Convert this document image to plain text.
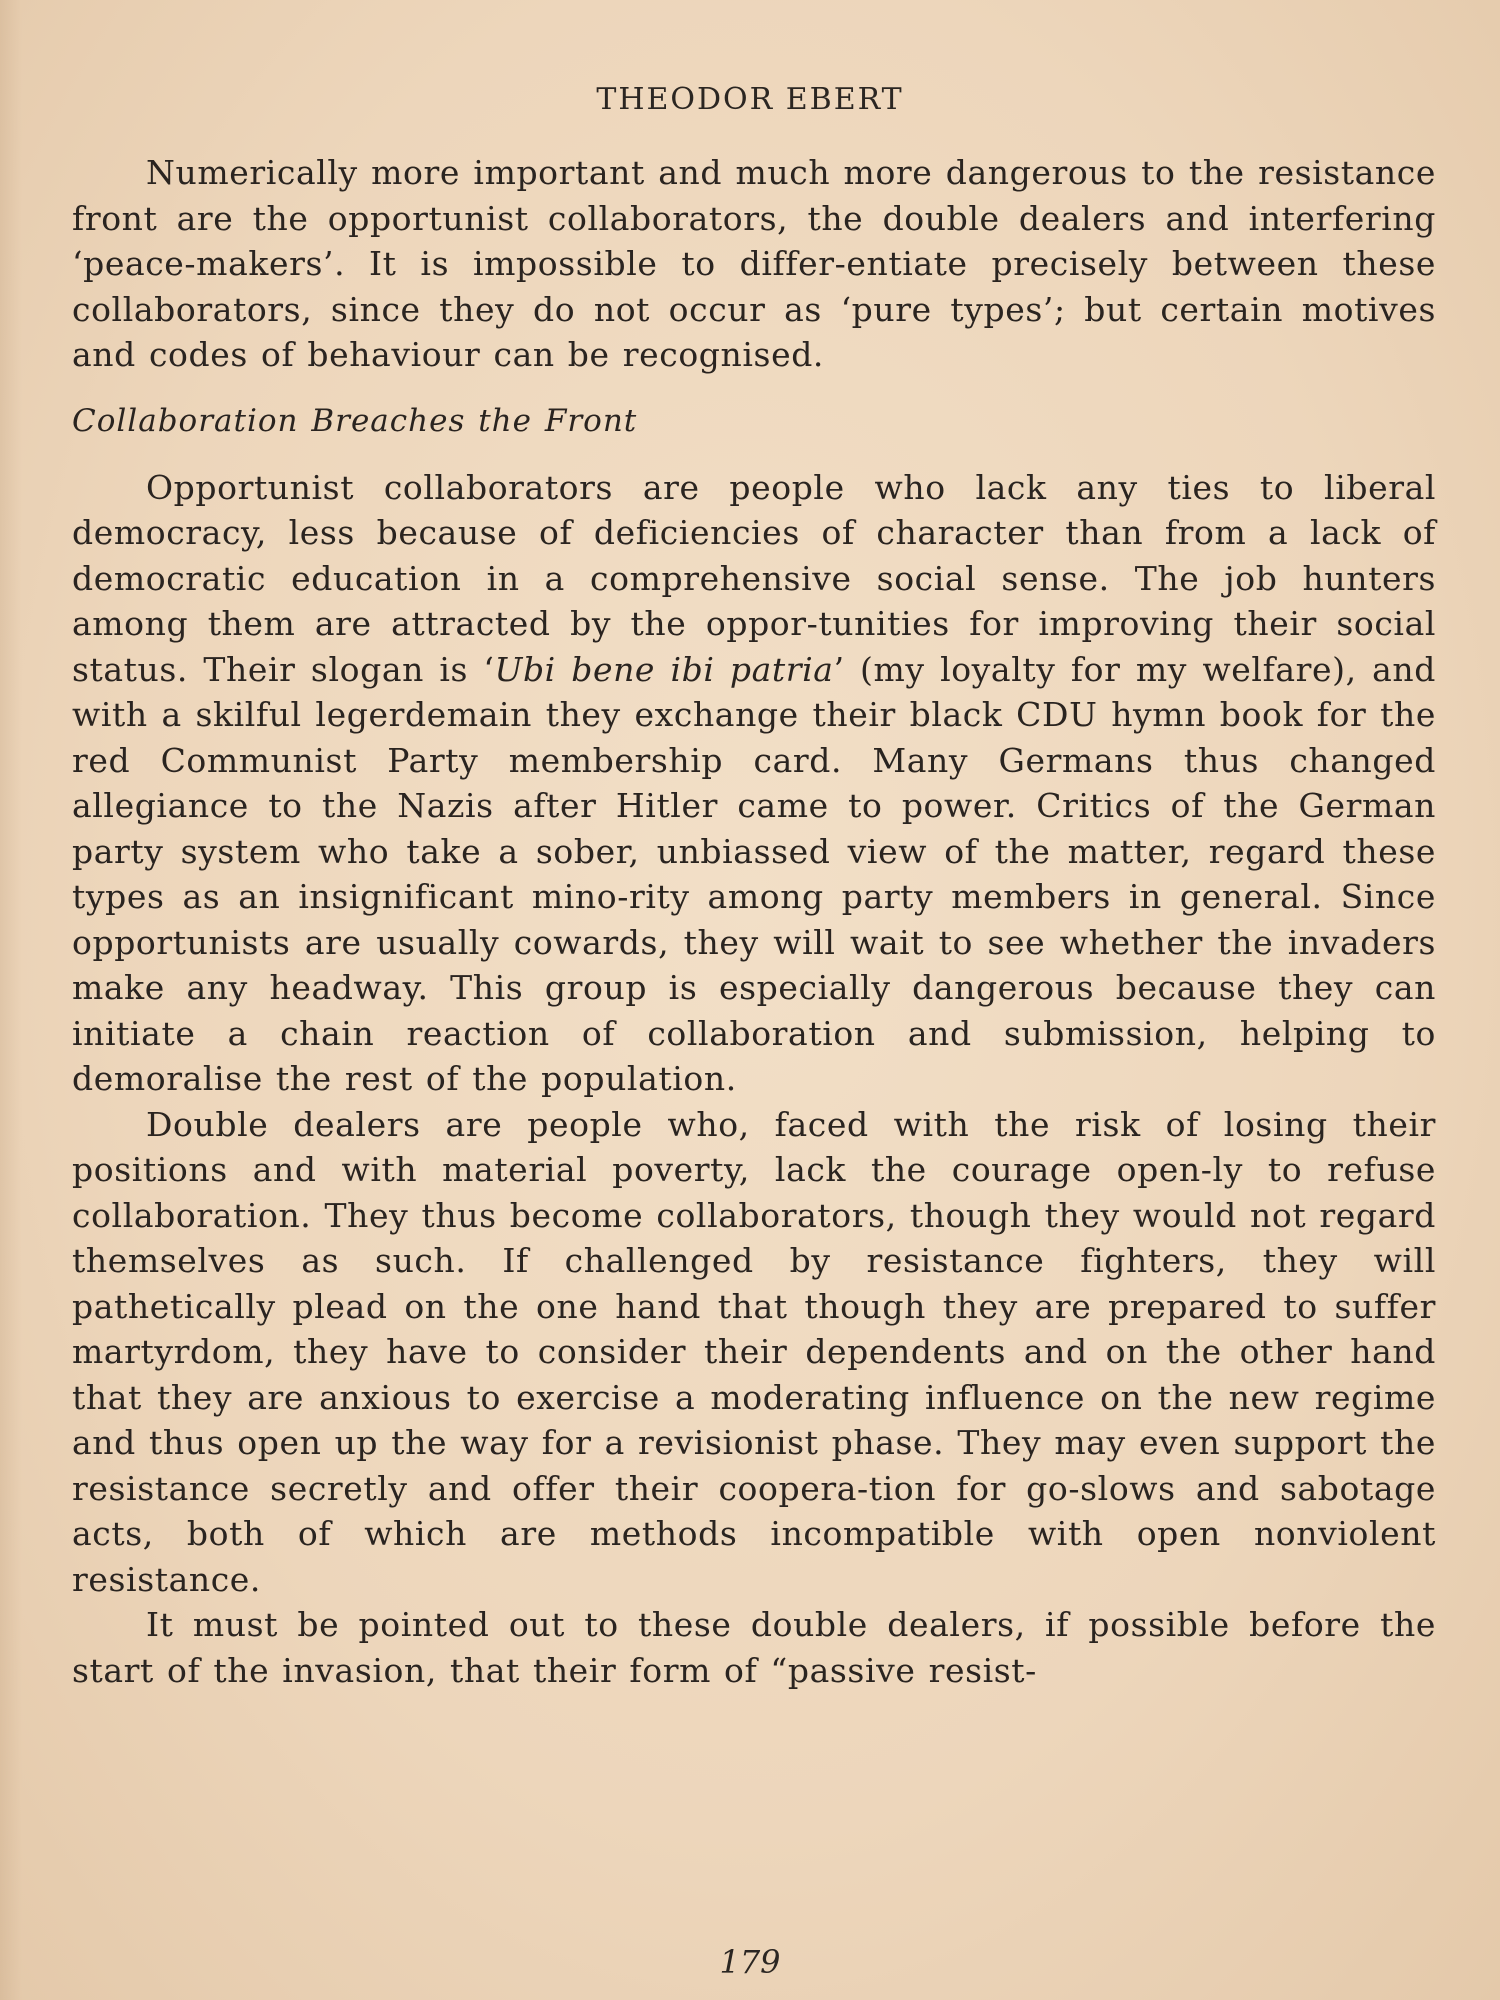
THEODOR EBERT

Numerically more important and much more dangerous to the resistance front are the opportunist collaborators, the double dealers and interfering ‘peace-makers’. It is impossible to differ-entiate precisely between these collaborators, since they do not occur as ‘pure types’; but certain motives and codes of behaviour can be recognised.

Collaboration Breaches the Front

Opportunist collaborators are people who lack any ties to liberal democracy, less because of deficiencies of character than from a lack of democratic education in a comprehensive social sense. The job hunters among them are attracted by the oppor-tunities for improving their social status. Their slogan is ‘Ubi bene ibi patria’ (my loyalty for my welfare), and with a skilful legerdemain they exchange their black CDU hymn book for the red Communist Party membership card. Many Germans thus changed allegiance to the Nazis after Hitler came to power. Critics of the German party system who take a sober, unbiassed view of the matter, regard these types as an insignificant mino-rity among party members in general. Since opportunists are usually cowards, they will wait to see whether the invaders make any headway. This group is especially dangerous because they can initiate a chain reaction of collaboration and submission, helping to demoralise the rest of the population.

Double dealers are people who, faced with the risk of losing their positions and with material poverty, lack the courage open-ly to refuse collaboration. They thus become collaborators, though they would not regard themselves as such. If challenged by resistance fighters, they will pathetically plead on the one hand that though they are prepared to suffer martyrdom, they have to consider their dependents and on the other hand that they are anxious to exercise a moderating influence on the new regime and thus open up the way for a revisionist phase. They may even support the resistance secretly and offer their coopera-tion for go-slows and sabotage acts, both of which are methods incompatible with open nonviolent resistance.

It must be pointed out to these double dealers, if possible before the start of the invasion, that their form of “passive resist-

179
